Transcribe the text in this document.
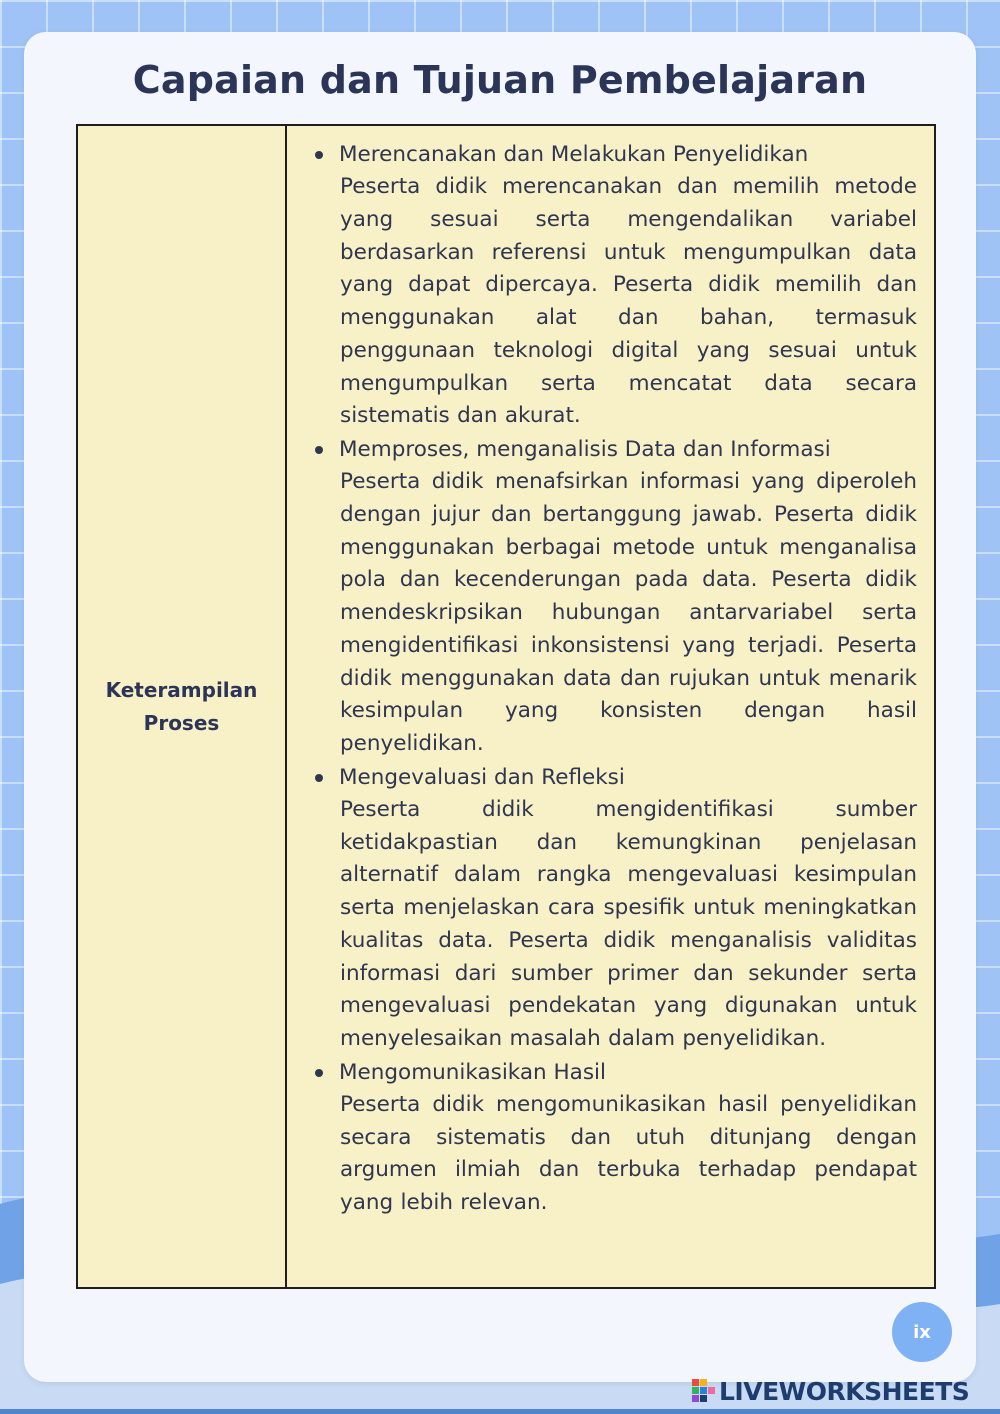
Capaian dan Tujuan Pembelajaran
Keterampilan Proses
Merencanakan dan Melakukan Penyelidikan

Peserta didik merencanakan dan memilih metode yang sesuai serta mengendalikan variabel berdasarkan referensi untuk mengumpulkan data yang dapat dipercaya. Peserta didik memilih dan menggunakan alat dan bahan, termasuk penggunaan teknologi digital yang sesuai untuk mengumpulkan serta mencatat data secara sistematis dan akurat.

Memproses, menganalisis Data dan Informasi

Peserta didik menafsirkan informasi yang diperoleh dengan jujur dan bertanggung jawab. Peserta didik menggunakan berbagai metode untuk menganalisa pola dan kecenderungan pada data. Peserta didik mendeskripsikan hubungan antarvariabel serta mengidentifikasi inkonsistensi yang terjadi. Peserta didik menggunakan data dan rujukan untuk menarik kesimpulan yang konsisten dengan hasil penyelidikan.

Mengevaluasi dan Refleksi

Peserta didik mengidentifikasi sumber ketidakpastian dan kemungkinan penjelasan alternatif dalam rangka mengevaluasi kesimpulan serta menjelaskan cara spesifik untuk meningkatkan kualitas data. Peserta didik menganalisis validitas informasi dari sumber primer dan sekunder serta mengevaluasi pendekatan yang digunakan untuk menyelesaikan masalah dalam penyelidikan.

Mengomunikasikan Hasil

Peserta didik mengomunikasikan hasil penyelidikan secara sistematis dan utuh ditunjang dengan argumen ilmiah dan terbuka terhadap pendapat yang lebih relevan.

ix
LIVEWORKSHEETS
